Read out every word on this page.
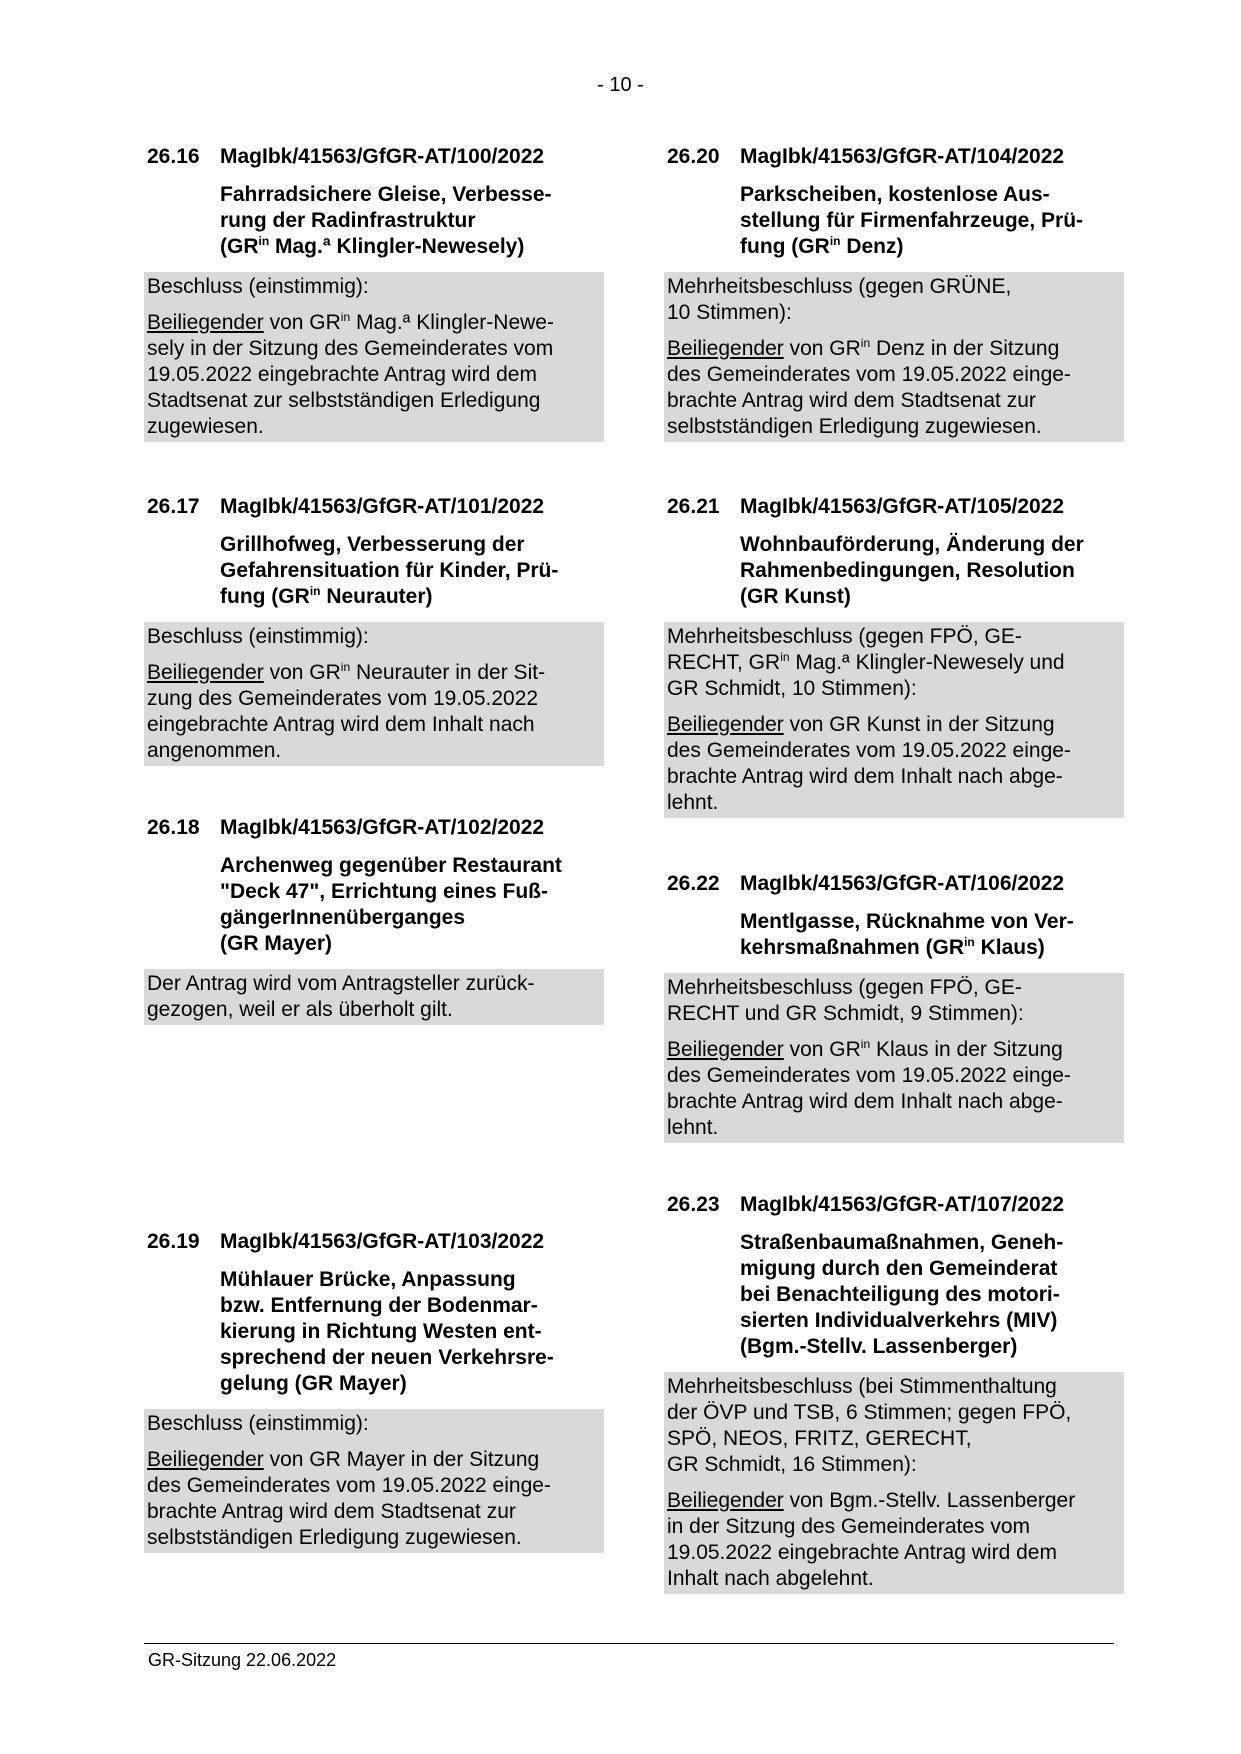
- 10 -
26.16 MagIbk/41563/GfGR-AT/100/2022
Fahrradsichere Gleise, Verbesse-
rung der Radinfrastruktur
($GR^{in}$ Mag.ª Klingler-Newesely)

Beschluss (einstimmig):

Beiliegender von $GR^{in}$ Mag.ª Klingler-Newe-
sely in der Sitzung des Gemeinderates vom
19.05.2022 eingebrachte Antrag wird dem
Stadtsenat zur selbstständigen Erledigung
zugewiesen.

26.17 MagIbk/41563/GfGR-AT/101/2022
Grillhofweg, Verbesserung der
Gefahrensituation für Kinder, Prü-
fung ($GR^{in}$ Neurauter)

Beschluss (einstimmig):

Beiliegender von $GR^{in}$ Neurauter in der Sit-
zung des Gemeinderates vom 19.05.2022
eingebrachte Antrag wird dem Inhalt nach
angenommen.

26.18 MagIbk/41563/GfGR-AT/102/2022
Archenweg gegenüber Restaurant
"Deck 47", Errichtung eines Fuß-
gängerInnenüberganges
(GR Mayer)

Der Antrag wird vom Antragsteller zurück-
gezogen, weil er als überholt gilt.

26.19 MagIbk/41563/GfGR-AT/103/2022
Mühlauer Brücke, Anpassung
bzw. Entfernung der Bodenmar-
kierung in Richtung Westen ent-
sprechend der neuen Verkehrsre-
gelung (GR Mayer)

Beschluss (einstimmig):

Beiliegender von GR Mayer in der Sitzung
des Gemeinderates vom 19.05.2022 einge-
brachte Antrag wird dem Stadtsenat zur
selbstständigen Erledigung zugewiesen.

26.20 MagIbk/41563/GfGR-AT/104/2022
Parkscheiben, kostenlose Aus-
stellung für Firmenfahrzeuge, Prü-
fung ($GR^{in}$ Denz)

Mehrheitsbeschluss (gegen GRÜNE,
10 Stimmen):

Beiliegender von $GR^{in}$ Denz in der Sitzung
des Gemeinderates vom 19.05.2022 einge-
brachte Antrag wird dem Stadtsenat zur
selbstständigen Erledigung zugewiesen.

26.21 MagIbk/41563/GfGR-AT/105/2022
Wohnbauförderung, Änderung der
Rahmenbedingungen, Resolution
(GR Kunst)

Mehrheitsbeschluss (gegen FPÖ, GE-
RECHT, $GR^{in}$ Mag.ª Klingler-Newesely und
GR Schmidt, 10 Stimmen):

Beiliegender von GR Kunst in der Sitzung
des Gemeinderates vom 19.05.2022 einge-
brachte Antrag wird dem Inhalt nach abge-
lehnt.

26.22 MagIbk/41563/GfGR-AT/106/2022
Mentlgasse, Rücknahme von Ver-
kehrsmaßnahmen ($GR^{in}$ Klaus)

Mehrheitsbeschluss (gegen FPÖ, GE-
RECHT und GR Schmidt, 9 Stimmen):

Beiliegender von $GR^{in}$ Klaus in der Sitzung
des Gemeinderates vom 19.05.2022 einge-
brachte Antrag wird dem Inhalt nach abge-
lehnt.

26.23 MagIbk/41563/GfGR-AT/107/2022
Straßenbaumaßnahmen, Geneh-
migung durch den Gemeinderat
bei Benachteiligung des motori-
sierten Individualverkehrs (MIV)
(Bgm.-Stellv. Lassenberger)

Mehrheitsbeschluss (bei Stimmenthaltung
der ÖVP und TSB, 6 Stimmen; gegen FPÖ,
SPÖ, NEOS, FRITZ, GERECHT,
GR Schmidt, 16 Stimmen):

Beiliegender von Bgm.-Stellv. Lassenberger
in der Sitzung des Gemeinderates vom
19.05.2022 eingebrachte Antrag wird dem
Inhalt nach abgelehnt.

GR-Sitzung 22.06.2022
